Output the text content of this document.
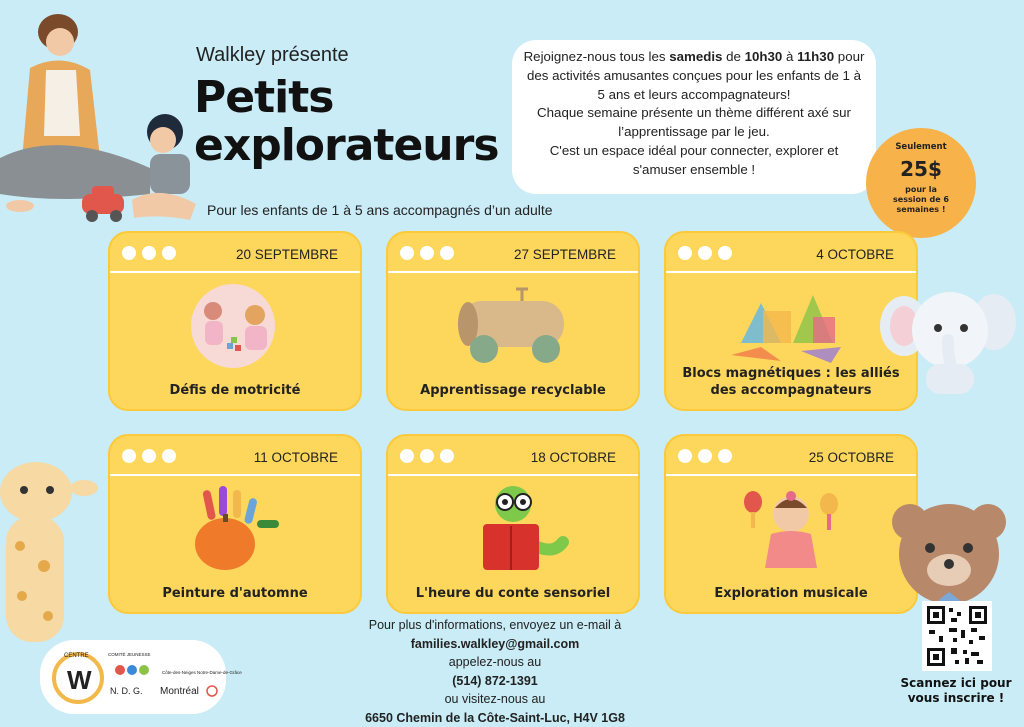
Walkley présente
Petits
explorateurs
Pour les enfants de 1 à 5 ans accompagnés d’un adulte
Rejoignez-nous tous les samedis de 10h30 à 11h30 pour des activités amusantes conçues pour les enfants de 1 à 5 ans et leurs accompagnateurs!
Chaque semaine présente un thème différent axé sur l’apprentissage par le jeu.
C'est un espace idéal pour connecter, explorer et s'amuser ensemble !
Seulement
25$
pour la
session de 6
semaines !
20 SEPTEMBRE
Défis de motricité
27 SEPTEMBRE
Apprentissage recyclable
4 OCTOBRE
Blocs magnétiques : les alliés des accompagnateurs
11 OCTOBRE
Peinture d'automne
18 OCTOBRE
L'heure du conte sensoriel
25 OCTOBRE
Exploration musicale
Pour plus d'informations, envoyez un e-mail à
families.walkley@gmail.com
appelez-nous au
(514) 872-1391
ou visitez-nous au
6650 Chemin de la Côte-Saint-Luc, H4V 1G8
W
CENTRE	COMITÉ JEUNESSE
N. D. G.
Côte-des-Neiges Notre-Dame-de-Grâce
Montréal
Scannez ici pour
vous inscrire !
